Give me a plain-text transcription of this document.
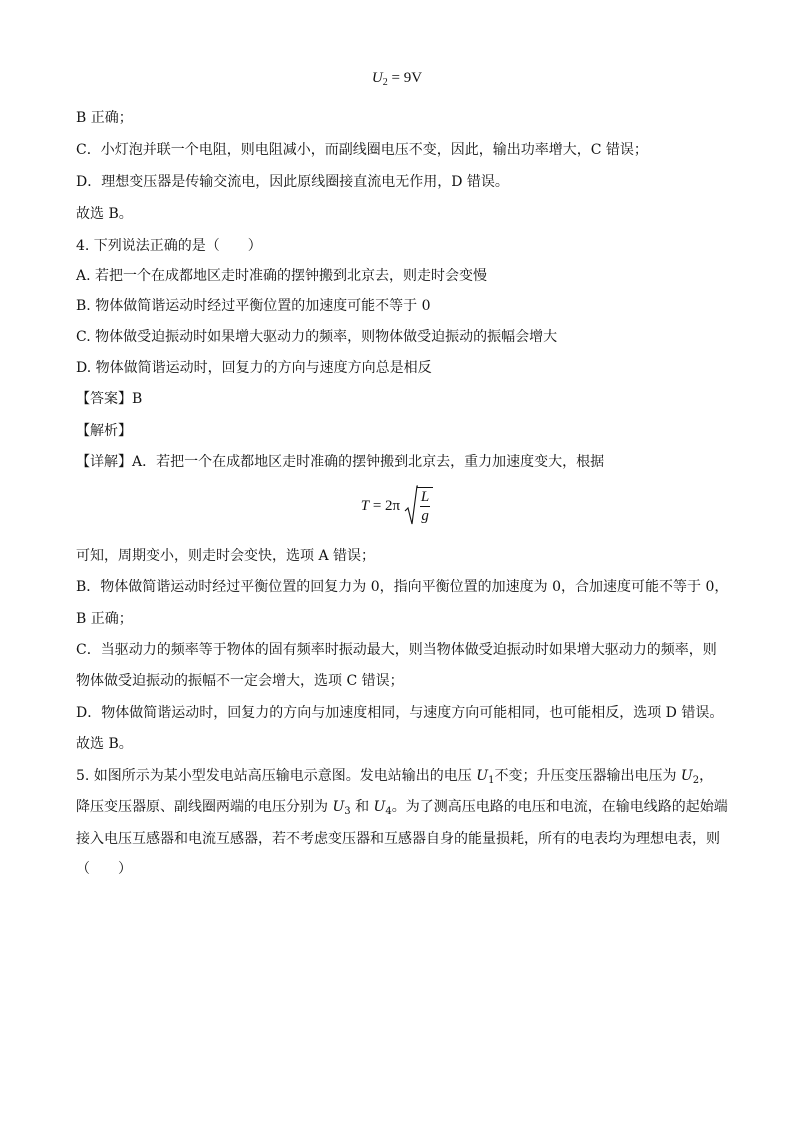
$U_2 = 9V$
B 正确；
C．小灯泡并联一个电阻，则电阻减小，而副线圈电压不变，因此，输出功率增大，C 错误；
D．理想变压器是传输交流电，因此原线圈接直流电无作用，D 错误。
故选 B。
4. 下列说法正确的是（　　）
A. 若把一个在成都地区走时准确的摆钟搬到北京去，则走时会变慢
B. 物体做简谐运动时经过平衡位置的加速度可能不等于 0
C. 物体做受迫振动时如果增大驱动力的频率，则物体做受迫振动的振幅会增大
D. 物体做简谐运动时，回复力的方向与速度方向总是相反
【答案】B
【解析】
【详解】A．若把一个在成都地区走时准确的摆钟搬到北京去，重力加速度变大，根据
$T = 2\pi \frac{L}{g}$
可知，周期变小，则走时会变快，选项 A 错误；
B．物体做简谐运动时经过平衡位置的回复力为 0，指向平衡位置的加速度为 0，合加速度可能不等于 0，
B 正确；
C．当驱动力的频率等于物体的固有频率时振动最大，则当物体做受迫振动时如果增大驱动力的频率，则
物体做受迫振动的振幅不一定会增大，选项 C 错误；
D．物体做简谐运动时，回复力的方向与加速度相同，与速度方向可能相同，也可能相反，选项 D 错误。
故选 B。
5. 如图所示为某小型发电站高压输电示意图。发电站输出的电压 $U_1$不变；升压变压器输出电压为 $U_2$，
降压变压器原、副线圈两端的电压分别为 $U_3$ 和 $U_4$。为了测高压电路的电压和电流，在输电线路的起始端
接入电压互感器和电流互感器，若不考虑变压器和互感器自身的能量损耗，所有的电表均为理想电表，则
（　　）
